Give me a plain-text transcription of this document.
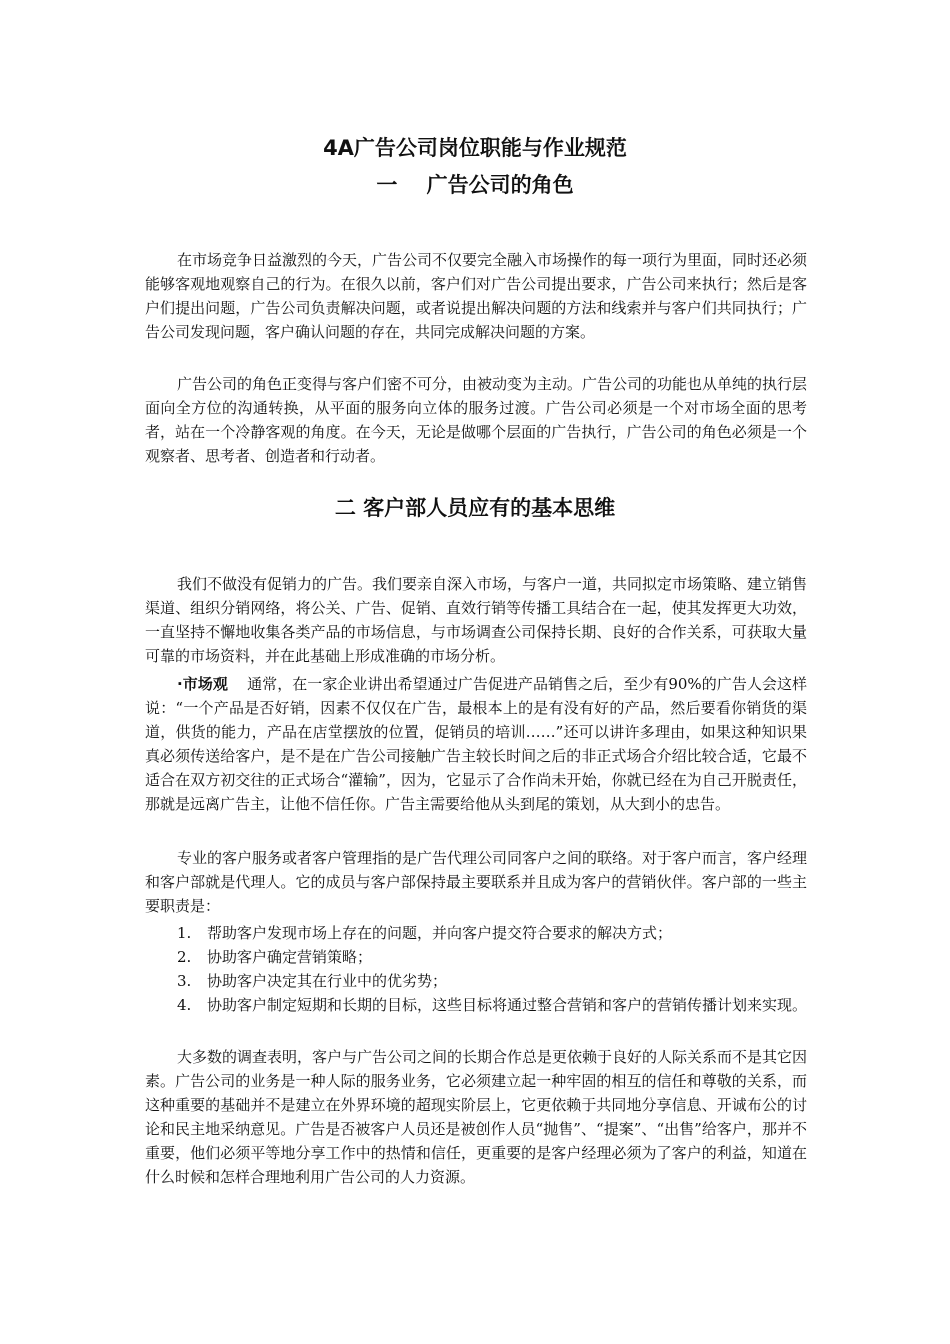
4A广告公司岗位职能与作业规范
一    广告公司的角色

在市场竞争日益激烈的今天，广告公司不仅要完全融入市场操作的每一项行为里面，同时还必须能够客观地观察自己的行为。在很久以前，客户们对广告公司提出要求，广告公司来执行；然后是客户们提出问题，广告公司负责解决问题，或者说提出解决问题的方法和线索并与客户们共同执行；广告公司发现问题，客户确认问题的存在，共同完成解决问题的方案。

广告公司的角色正变得与客户们密不可分，由被动变为主动。广告公司的功能也从单纯的执行层面向全方位的沟通转换，从平面的服务向立体的服务过渡。广告公司必须是一个对市场全面的思考者，站在一个冷静客观的角度。在今天，无论是做哪个层面的广告执行，广告公司的角色必须是一个观察者、思考者、创造者和行动者。

二 客户部人员应有的基本思维

我们不做没有促销力的广告。我们要亲自深入市场，与客户一道，共同拟定市场策略、建立销售渠道、组织分销网络，将公关、广告、促销、直效行销等传播工具结合在一起，使其发挥更大功效，一直坚持不懈地收集各类产品的市场信息，与市场调查公司保持长期、良好的合作关系，可获取大量可靠的市场资料，并在此基础上形成准确的市场分析。

·市场观 通常，在一家企业讲出希望通过广告促进产品销售之后，至少有90%的广告人会这样说：“一个产品是否好销，因素不仅仅在广告，最根本上的是有没有好的产品，然后要看你销货的渠道，供货的能力，产品在店堂摆放的位置，促销员的培训……”还可以讲许多理由，如果这种知识果真必须传送给客户，是不是在广告公司接触广告主较长时间之后的非正式场合介绍比较合适，它最不适合在双方初交往的正式场合“灌输”，因为，它显示了合作尚未开始，你就已经在为自己开脱责任，那就是远离广告主，让他不信任你。广告主需要给他从头到尾的策划，从大到小的忠告。

专业的客户服务或者客户管理指的是广告代理公司同客户之间的联络。对于客户而言，客户经理和客户部就是代理人。它的成员与客户部保持最主要联系并且成为客户的营销伙伴。客户部的一些主要职责是：

1. 帮助客户发现市场上存在的问题，并向客户提交符合要求的解决方式；
2. 协助客户确定营销策略；
3. 协助客户决定其在行业中的优劣势；
4. 协助客户制定短期和长期的目标，这些目标将通过整合营销和客户的营销传播计划来实现。

大多数的调查表明，客户与广告公司之间的长期合作总是更依赖于良好的人际关系而不是其它因素。广告公司的业务是一种人际的服务业务，它必须建立起一种牢固的相互的信任和尊敬的关系，而这种重要的基础并不是建立在外界环境的超现实阶层上，它更依赖于共同地分享信息、开诚布公的讨论和民主地采纳意见。广告是否被客户人员还是被创作人员“抛售”、“提案”、“出售”给客户，那并不重要，他们必须平等地分享工作中的热情和信任，更重要的是客户经理必须为了客户的利益，知道在什么时候和怎样合理地利用广告公司的人力资源。
